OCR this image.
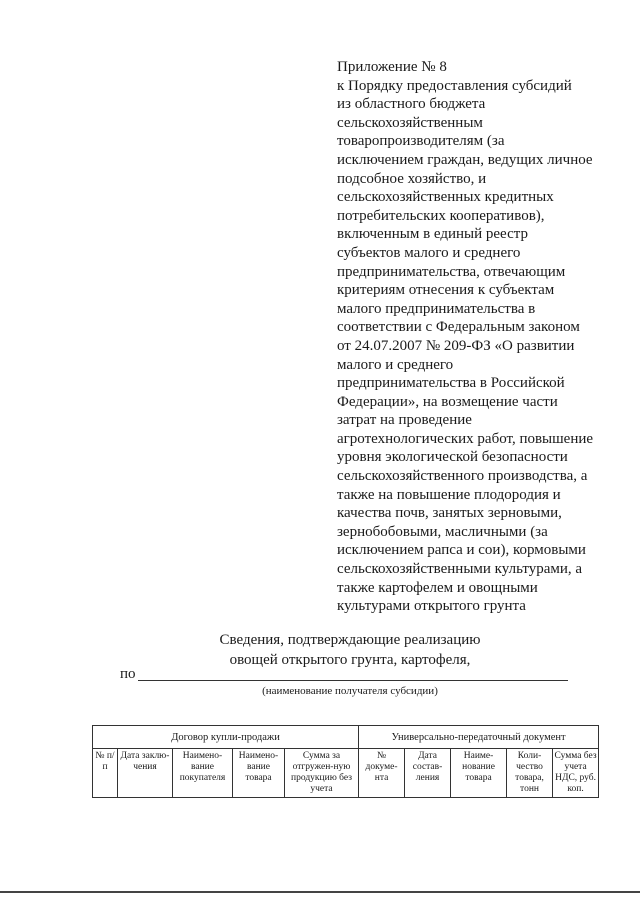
Приложение № 8
к Порядку предоставления субсидий
из областного бюджета
сельскохозяйственным
товаропроизводителям (за
исключением граждан, ведущих личное
подсобное хозяйство, и
сельскохозяйственных кредитных
потребительских кооперативов),
включенным в единый реестр
субъектов малого и среднего
предпринимательства, отвечающим
критериям отнесения к субъектам
малого предпринимательства в
соответствии с Федеральным законом
от 24.07.2007 № 209-ФЗ «О развитии
малого и среднего
предпринимательства в Российской
Федерации», на возмещение части
затрат на проведение
агротехнологических работ, повышение
уровня экологической безопасности
сельскохозяйственного производства, а
также на повышение плодородия и
качества почв, занятых зерновыми,
зернобобовыми, масличными (за
исключением рапса и сои), кормовыми
сельскохозяйственными культурами, а
также картофелем и овощными
культурами открытого грунта
Сведения, подтверждающие реализацию
овощей открытого грунта, картофеля,
по
(наименование получателя субсидии)
Договор купли-продажи					Универсально-передаточный документ				
№ п/п	Дата заклю-чения	Наимено-вание покупателя	Наимено-вание товара	Сумма за отгружен-ную продукцию без учета	№ докуме-нта	Дата состав-ления	Наиме-нование товара	Коли-чество товара, тонн	Сумма без учета НДС, руб. коп.
